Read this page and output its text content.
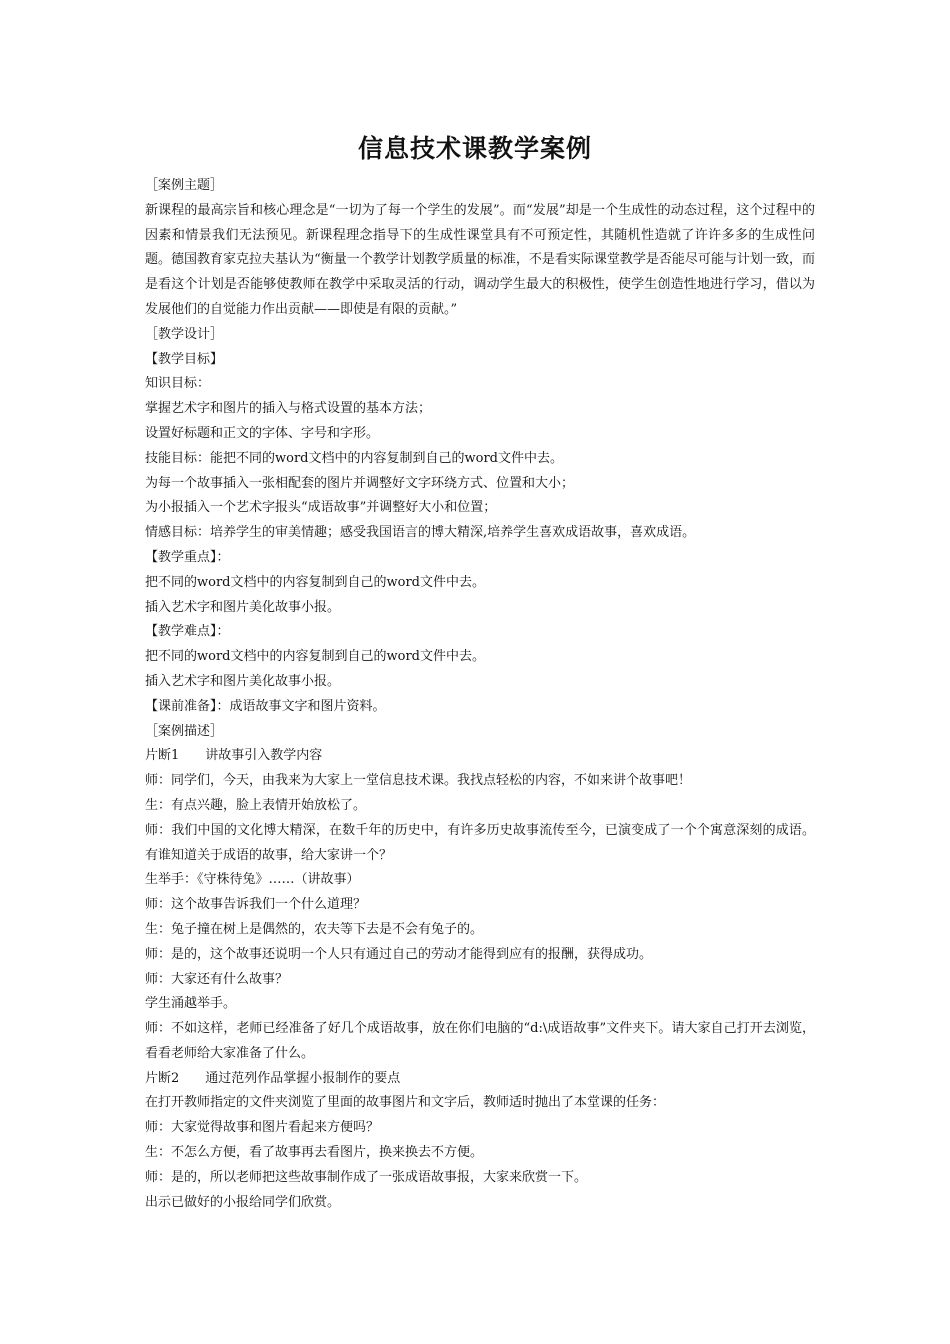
信息技术课教学案例

［案例主题］

新课程的最高宗旨和核心理念是“一切为了每一个学生的发展”。而“发展”却是一个生成性的动态过程，这个过程中的因素和情景我们无法预见。新课程理念指导下的生成性课堂具有不可预定性，其随机性造就了许许多多的生成性问题。德国教育家克拉夫基认为“衡量一个教学计划教学质量的标准，不是看实际课堂教学是否能尽可能与计划一致，而是看这个计划是否能够使教师在教学中采取灵活的行动，调动学生最大的积极性，使学生创造性地进行学习，借以为发展他们的自觉能力作出贡献——即使是有限的贡献。”

［教学设计］

【教学目标】

知识目标：

掌握艺术字和图片的插入与格式设置的基本方法；

设置好标题和正文的字体、字号和字形。

技能目标：能把不同的word文档中的内容复制到自己的word文件中去。

为每一个故事插入一张相配套的图片并调整好文字环绕方式、位置和大小；

为小报插入一个艺术字报头“成语故事”并调整好大小和位置；

情感目标：培养学生的审美情趣；感受我国语言的博大精深,培养学生喜欢成语故事，喜欢成语。

【教学重点】：

把不同的word文档中的内容复制到自己的word文件中去。

插入艺术字和图片美化故事小报。

【教学难点】：

把不同的word文档中的内容复制到自己的word文件中去。

插入艺术字和图片美化故事小报。

【课前准备】：成语故事文字和图片资料。

［案例描述］

片断1 讲故事引入教学内容

师：同学们，今天，由我来为大家上一堂信息技术课。我找点轻松的内容，不如来讲个故事吧！

生：有点兴趣，脸上表情开始放松了。

师：我们中国的文化博大精深，在数千年的历史中，有许多历史故事流传至今，已演变成了一个个寓意深刻的成语。有谁知道关于成语的故事，给大家讲一个？

生举手：《守株待兔》……（讲故事）

师：这个故事告诉我们一个什么道理？

生：兔子撞在树上是偶然的，农夫等下去是不会有兔子的。

师：是的，这个故事还说明一个人只有通过自己的劳动才能得到应有的报酬，获得成功。

师：大家还有什么故事？

学生涌越举手。

师：不如这样，老师已经准备了好几个成语故事，放在你们电脑的“d:\成语故事”文件夹下。请大家自己打开去浏览，看看老师给大家准备了什么。

片断2 通过范列作品掌握小报制作的要点

在打开教师指定的文件夹浏览了里面的故事图片和文字后，教师适时抛出了本堂课的任务：

师：大家觉得故事和图片看起来方便吗？

生：不怎么方便，看了故事再去看图片，换来换去不方便。

师：是的，所以老师把这些故事制作成了一张成语故事报，大家来欣赏一下。

出示已做好的小报给同学们欣赏。
